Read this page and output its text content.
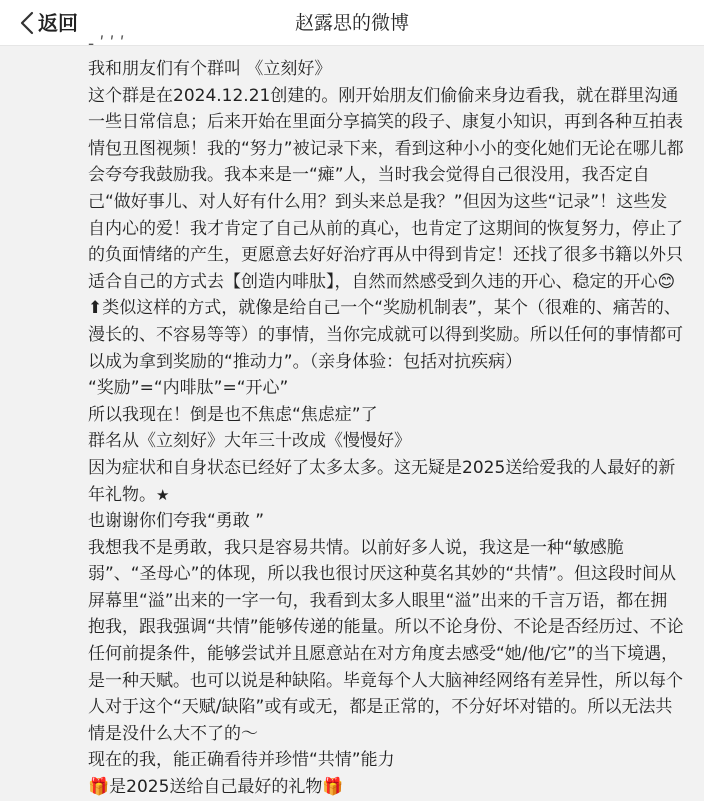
返回	赵露思的微博
- ʹ ʹ ʹ

我和朋友们有个群叫 《立刻好》

这个群是在2024.12.21创建的。刚开始朋友们偷偷来身边看我，就在群里沟通一些日常信息；后来开始在里面分享搞笑的段子、康复小知识，再到各种互拍表情包丑图视频！我的“努力”被记录下来，看到这种小小的变化她们无论在哪儿都会夸夸我鼓励我。我本来是一“瘫”人，当时我会觉得自己很没用，我否定自己“做好事儿、对人好有什么用？到头来总是我？”但因为这些“记录”！这些发自内心的爱！我才肯定了自己从前的真心，也肯定了这期间的恢复努力，停止了的负面情绪的产生，更愿意去好好治疗再从中得到肯定！还找了很多书籍以外只适合自己的方式去【创造内啡肽】，自然而然感受到久违的开心、稳定的开心😊

⬆类似这样的方式，就像是给自己一个“奖励机制表”，某个（很难的、痛苦的、漫长的、不容易等等）的事情，当你完成就可以得到奖励。所以任何的事情都可以成为拿到奖励的“推动力”。（亲身体验：包括对抗疾病）

“奖励”=“内啡肽”=“开心”

所以我现在！倒是也不焦虑“焦虑症”了

群名从《立刻好》大年三十改成《慢慢好》

因为症状和自身状态已经好了太多太多。这无疑是2025送给爱我的人最好的新年礼物。★

也谢谢你们夸我“勇敢 ”

我想我不是勇敢，我只是容易共情。以前好多人说，我这是一种“敏感脆弱”、“圣母心”的体现，所以我也很讨厌这种莫名其妙的“共情”。但这段时间从屏幕里“溢”出来的一字一句，我看到太多人眼里“溢”出来的千言万语，都在拥抱我，跟我强调“共情”能够传递的能量。所以不论身份、不论是否经历过、不论任何前提条件，能够尝试并且愿意站在对方角度去感受“她/他/它”的当下境遇，是一种天赋。也可以说是种缺陷。毕竟每个人大脑神经网络有差异性，所以每个人对于这个“天赋/缺陷”或有或无，都是正常的，不分好坏对错的。所以无法共情是没什么大不了的～

现在的我，能正确看待并珍惜“共情”能力

🎁是2025送给自己最好的礼物🎁
